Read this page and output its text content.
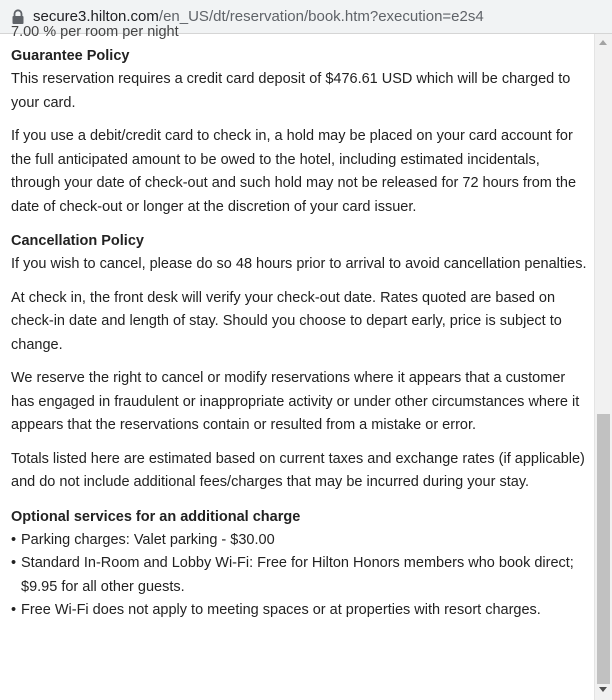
secure3.hilton.com/en_US/dt/reservation/book.htm?execution=e2s4
7.00 % per room per night
Guarantee Policy

This reservation requires a credit card deposit of $476.61 USD which will be charged to your card.

If you use a debit/credit card to check in, a hold may be placed on your card account for the full anticipated amount to be owed to the hotel, including estimated incidentals, through your date of check-out and such hold may not be released for 72 hours from the date of check-out or longer at the discretion of your card issuer.

Cancellation Policy

If you wish to cancel, please do so 48 hours prior to arrival to avoid cancellation penalties.

At check in, the front desk will verify your check-out date. Rates quoted are based on check-in date and length of stay. Should you choose to depart early, price is subject to change.

We reserve the right to cancel or modify reservations where it appears that a customer has engaged in fraudulent or inappropriate activity or under other circumstances where it appears that the reservations contain or resulted from a mistake or error.

Totals listed here are estimated based on current taxes and exchange rates (if applicable) and do not include additional fees/charges that may be incurred during your stay.

Optional services for an additional charge
• Parking charges: Valet parking - $30.00
• Standard In-Room and Lobby Wi-Fi: Free for Hilton Honors members who book direct; $9.95 for all other guests.
• Free Wi-Fi does not apply to meeting spaces or at properties with resort charges.
